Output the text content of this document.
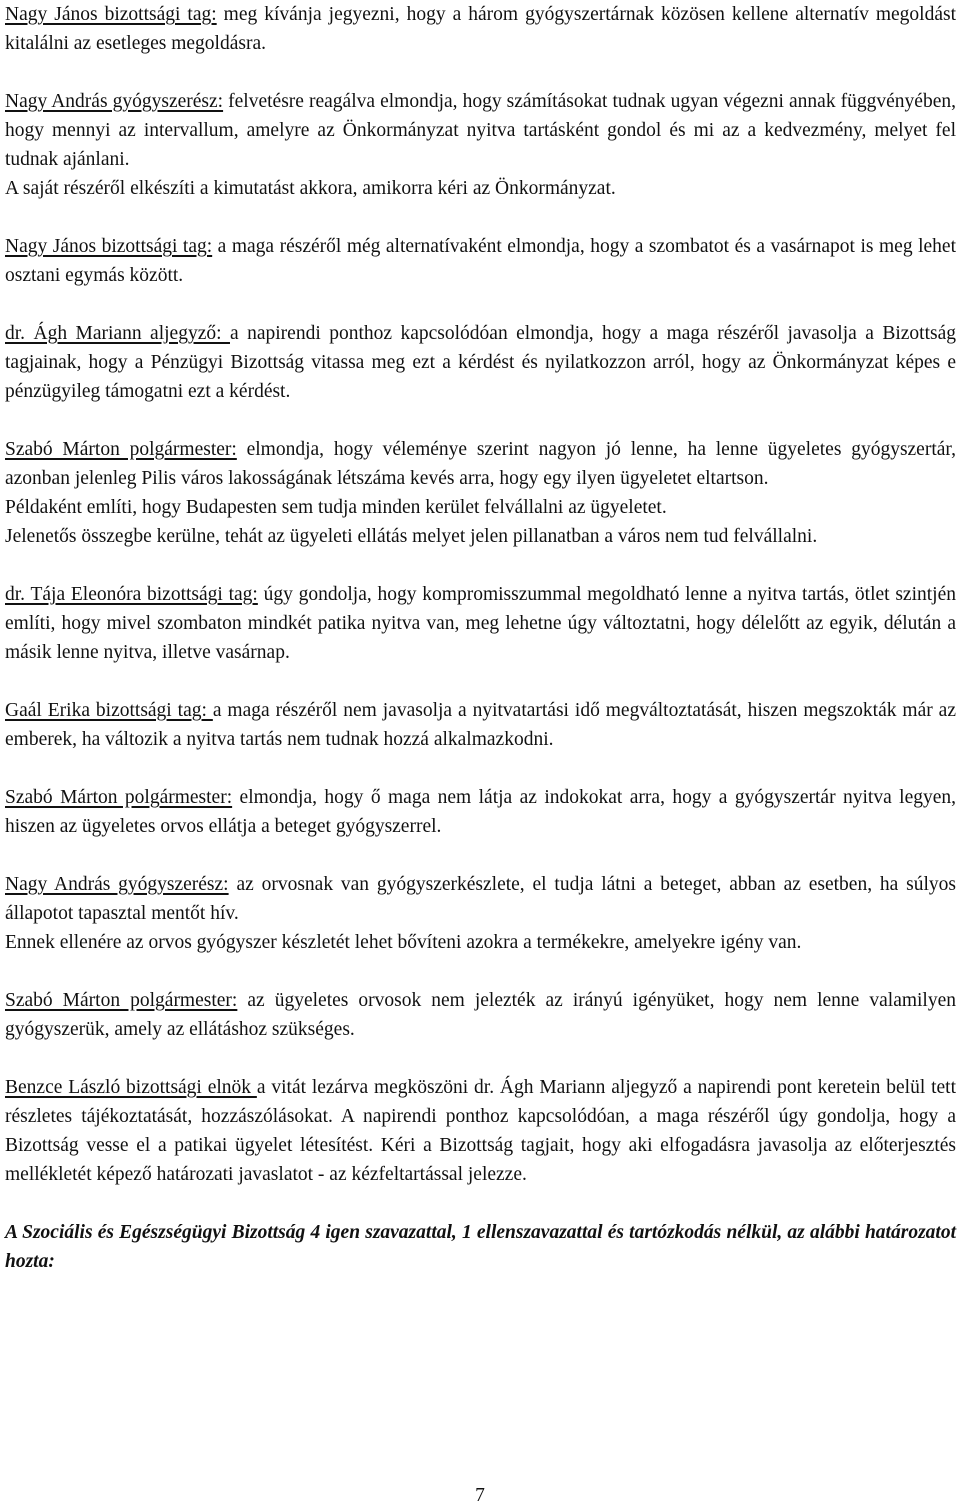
Nagy János bizottsági tag: meg kívánja jegyezni, hogy a három gyógyszertárnak közösen kellene alternatív megoldást kitalálni az esetleges megoldásra.

Nagy András gyógyszerész: felvetésre reagálva elmondja, hogy számításokat tudnak ugyan végezni annak függvényében, hogy mennyi az intervallum, amelyre az Önkormányzat nyitva tartásként gondol és mi az a kedvezmény, melyet fel tudnak ajánlani.

A saját részéről elkészíti a kimutatást akkora, amikorra kéri az Önkormányzat.

Nagy János bizottsági tag: a maga részéről még alternatívaként elmondja, hogy a szombatot és a vasárnapot is meg lehet osztani egymás között.

dr. Ágh Mariann aljegyző: a napirendi ponthoz kapcsolódóan elmondja, hogy a maga részéről javasolja a Bizottság tagjainak, hogy a Pénzügyi Bizottság vitassa meg ezt a kérdést és nyilatkozzon arról, hogy az Önkormányzat képes e pénzügyileg támogatni ezt a kérdést.

Szabó Márton polgármester: elmondja, hogy véleménye szerint nagyon jó lenne, ha lenne ügyeletes gyógyszertár, azonban jelenleg Pilis város lakosságának létszáma kevés arra, hogy egy ilyen ügyeletet eltartson.

Példaként említi, hogy Budapesten sem tudja minden kerület felvállalni az ügyeletet.

Jelenetős összegbe kerülne, tehát az ügyeleti ellátás melyet jelen pillanatban a város nem tud felvállalni.

dr. Tája Eleonóra bizottsági tag: úgy gondolja, hogy kompromisszummal megoldható lenne a nyitva tartás, ötlet szintjén említi, hogy mivel szombaton mindkét patika nyitva van, meg lehetne úgy változtatni, hogy délelőtt az egyik, délután a másik lenne nyitva, illetve vasárnap.

Gaál Erika bizottsági tag: a maga részéről nem javasolja a nyitvatartási idő megváltoztatását, hiszen megszokták már az emberek, ha változik a nyitva tartás nem tudnak hozzá alkalmazkodni.

Szabó Márton polgármester: elmondja, hogy ő maga nem látja az indokokat arra, hogy a gyógyszertár nyitva legyen, hiszen az ügyeletes orvos ellátja a beteget gyógyszerrel.

Nagy András gyógyszerész: az orvosnak van gyógyszerkészlete, el tudja látni a beteget, abban az esetben, ha súlyos állapotot tapasztal mentőt hív.

Ennek ellenére az orvos gyógyszer készletét lehet bővíteni azokra a termékekre, amelyekre igény van.

Szabó Márton polgármester: az ügyeletes orvosok nem jelezték az irányú igényüket, hogy nem lenne valamilyen gyógyszerük, amely az ellátáshoz szükséges.

Benzce László bizottsági elnök a vitát lezárva megköszöni dr. Ágh Mariann aljegyző a napirendi pont keretein belül tett részletes tájékoztatását, hozzászólásokat. A napirendi ponthoz kapcsolódóan, a maga részéről úgy gondolja, hogy a Bizottság vesse el a patikai ügyelet létesítést. Kéri a Bizottság tagjait, hogy aki elfogadásra javasolja az előterjesztés mellékletét képező határozati javaslatot - az kézfeltartással jelezze.

A Szociális és Egészségügyi Bizottság 4 igen szavazattal, 1 ellenszavazattal és tartózkodás nélkül, az alábbi határozatot hozta:

7
